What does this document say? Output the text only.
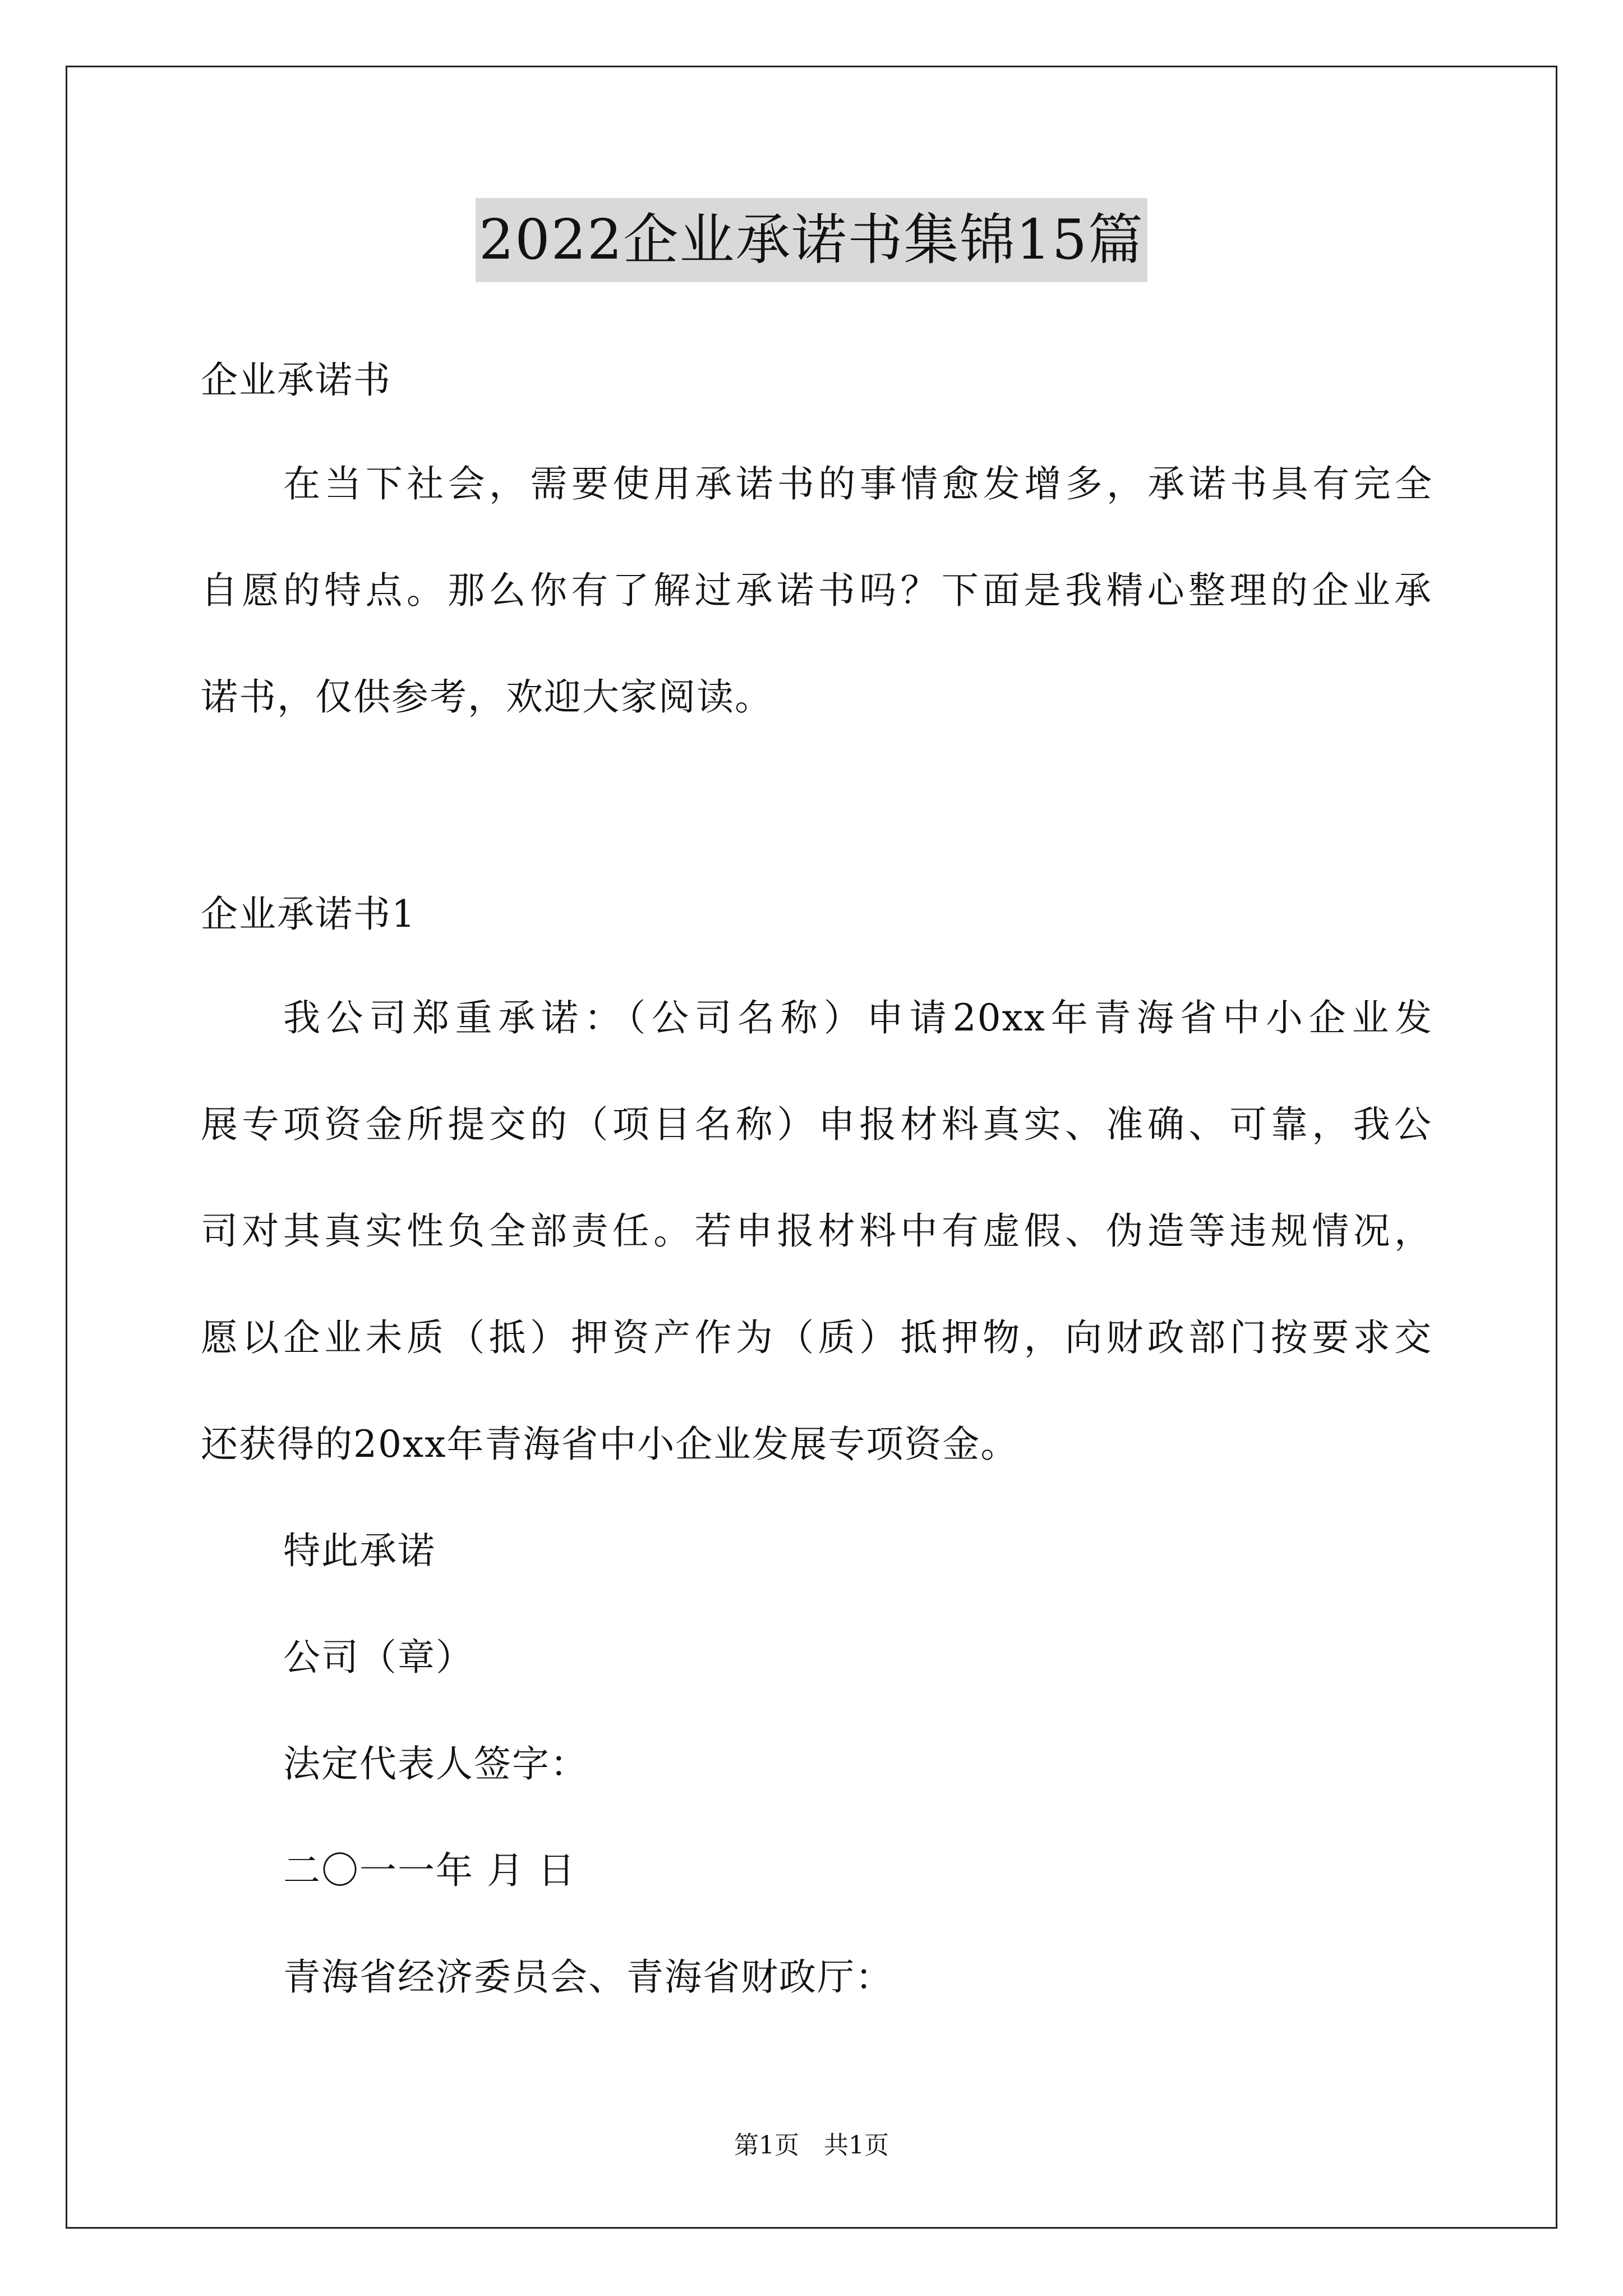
2022企业承诺书集锦15篇
企业承诺书
在当下社会，需要使用承诺书的事情愈发增多，承诺书具有完全
自愿的特点。那么你有了解过承诺书吗？下面是我精心整理的企业承
诺书，仅供参考，欢迎大家阅读。
企业承诺书1
我公司郑重承诺：（公司名称）申请20xx年青海省中小企业发
展专项资金所提交的（项目名称）申报材料真实、准确、可靠，我公
司对其真实性负全部责任。若申报材料中有虚假、伪造等违规情况，
愿以企业未质（抵）押资产作为（质）抵押物，向财政部门按要求交
还获得的20xx年青海省中小企业发展专项资金。
特此承诺
公司（章）
法定代表人签字：
二〇一一年 月 日
青海省经济委员会、青海省财政厅：
第1页　共1页
